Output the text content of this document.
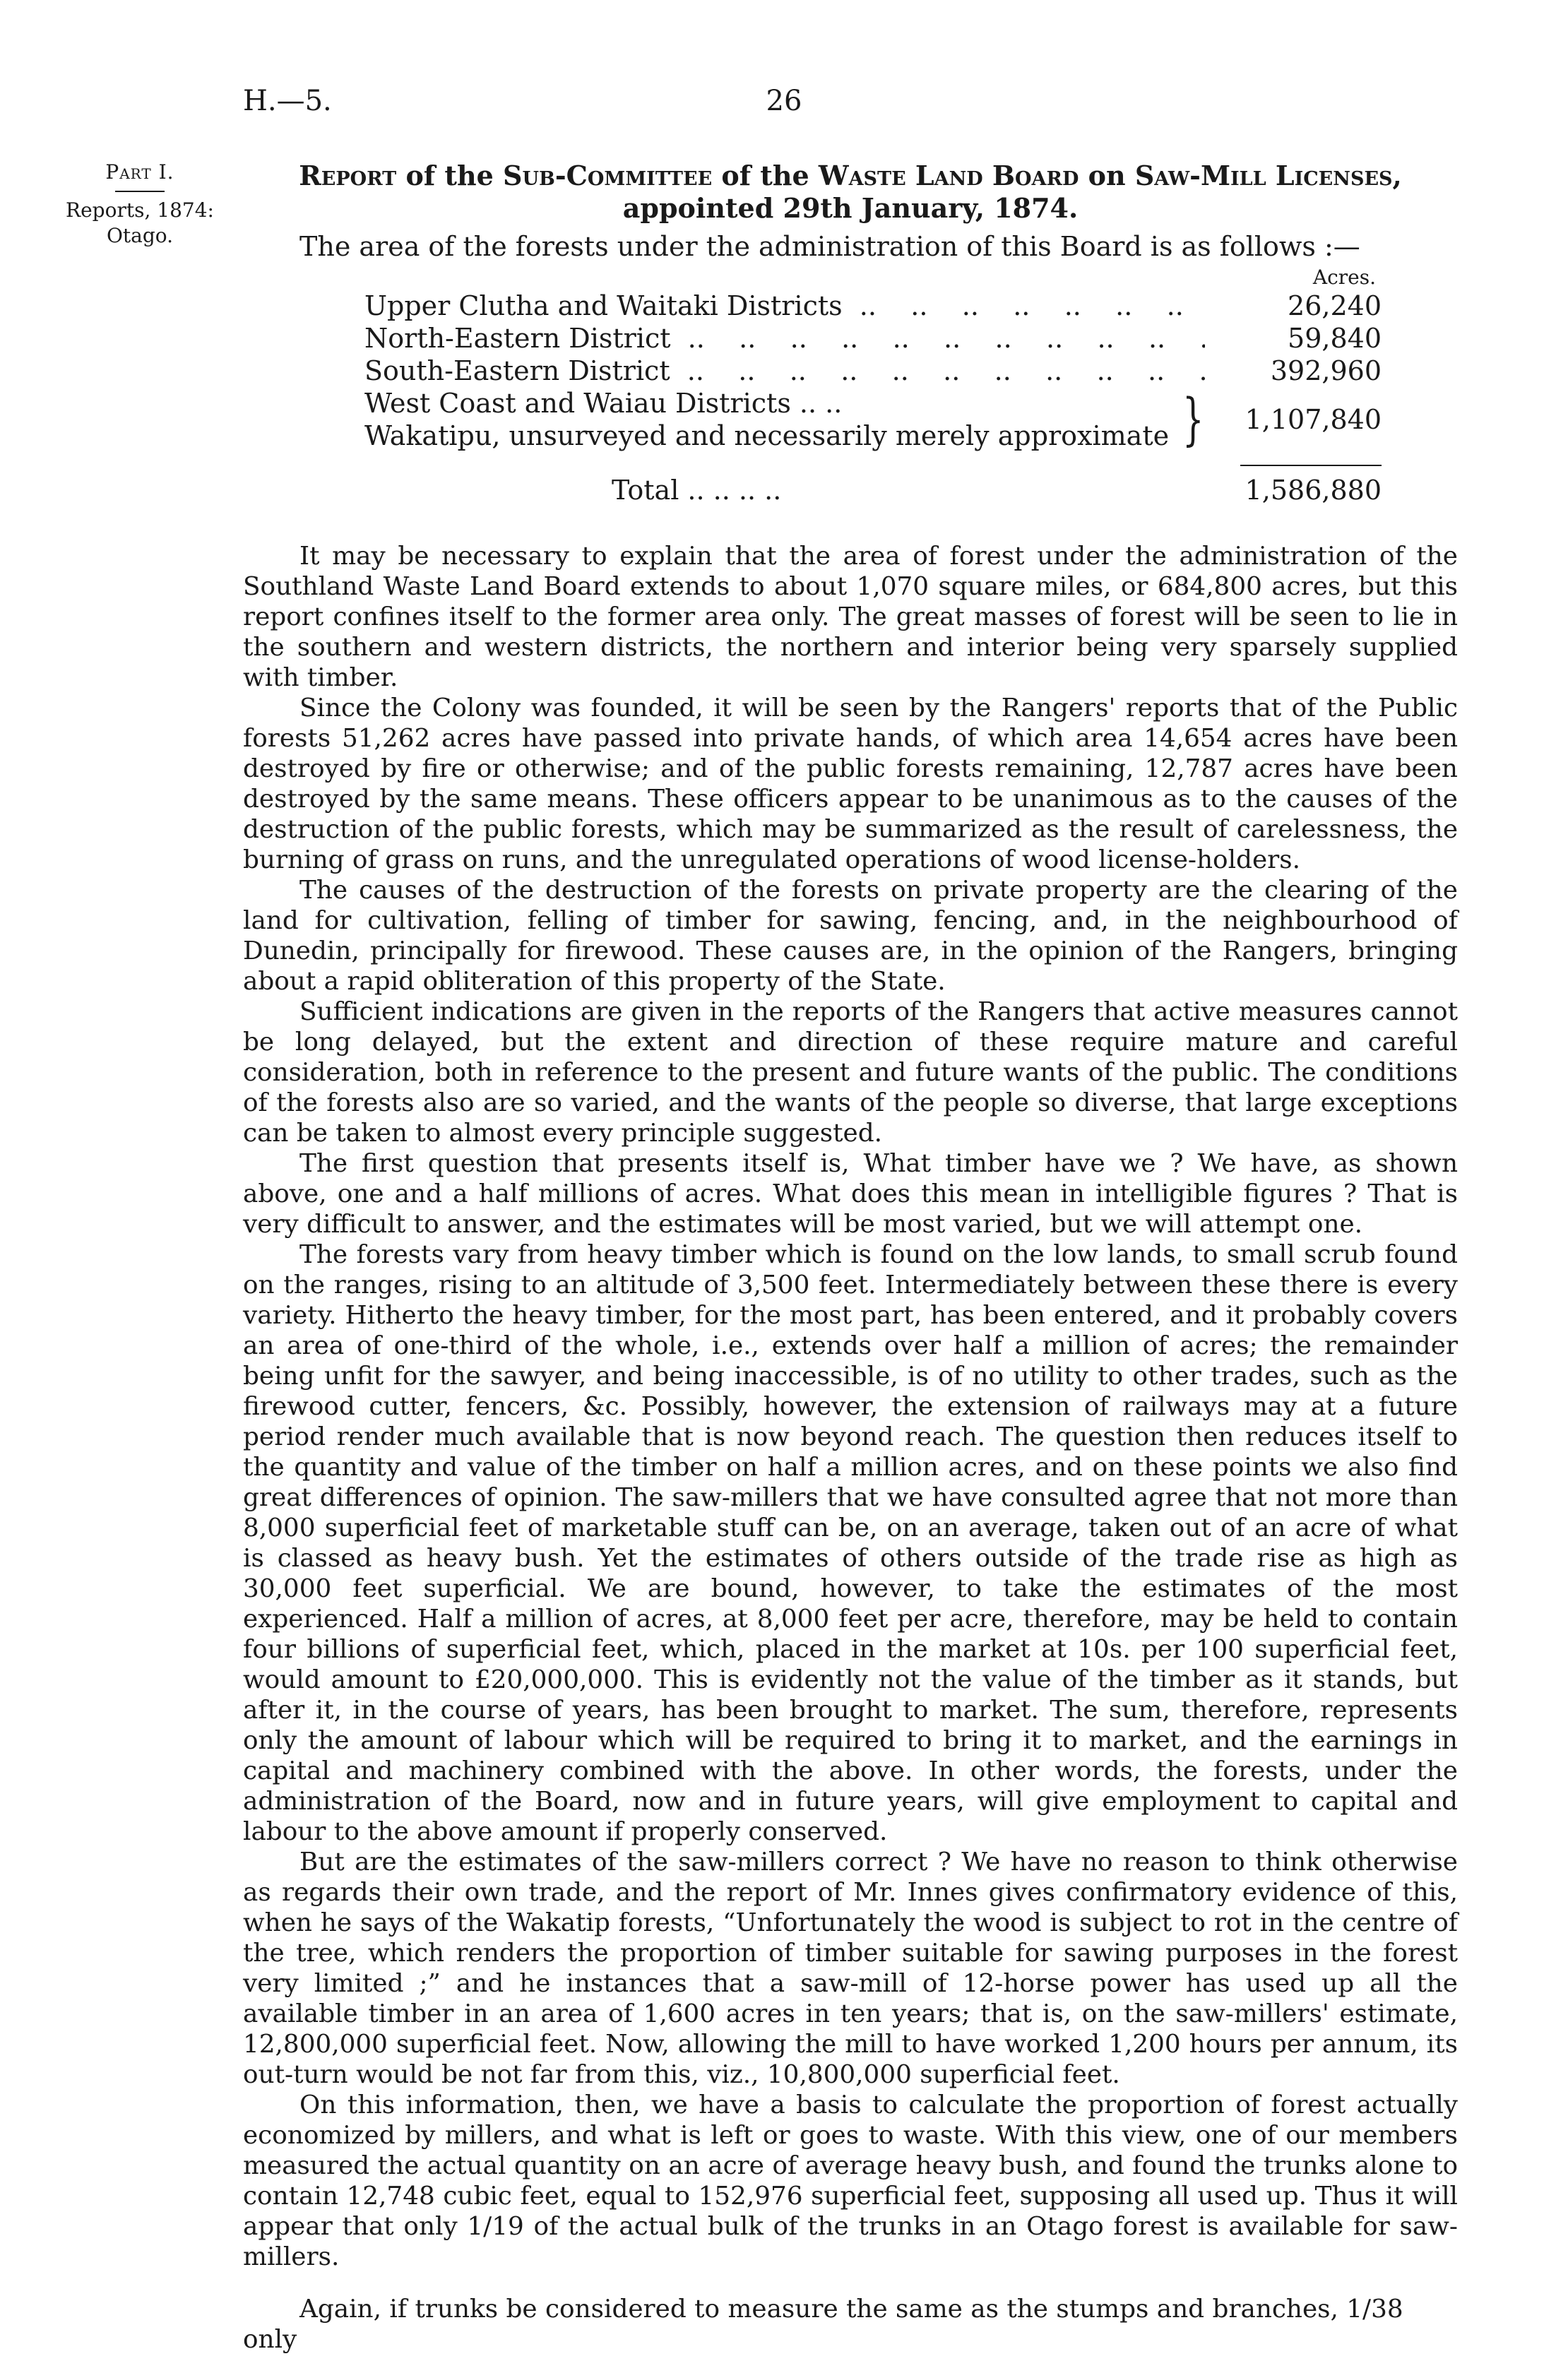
H.—5.	26
Part I.
Reports, 1874:
Otago.
Report of the Sub-Committee of the Waste Land Board on Saw-Mill Licenses, appointed 29th January, 1874.

The area of the forests under the administration of this Board is as follows :—

Acres.
Upper Clutha and Waitaki Districts ..	26,240
North-Eastern District ..	59,840
South-Eastern District ..	392,960
West Coast and Waiau Districts .. ..
Wakatipu, unsurveyed and necessarily merely approximate }	1,107,840
Total .. .. .. ..	1,586,880

It may be necessary to explain that the area of forest under the administration of the Southland Waste Land Board extends to about 1,070 square miles, or 684,800 acres, but this report confines itself to the former area only. The great masses of forest will be seen to lie in the southern and western districts, the northern and interior being very sparsely supplied with timber.

Since the Colony was founded, it will be seen by the Rangers' reports that of the Public forests 51,262 acres have passed into private hands, of which area 14,654 acres have been destroyed by fire or otherwise; and of the public forests remaining, 12,787 acres have been destroyed by the same means. These officers appear to be unanimous as to the causes of the destruction of the public forests, which may be summarized as the result of carelessness, the burning of grass on runs, and the unregulated operations of wood license-holders.

The causes of the destruction of the forests on private property are the clearing of the land for cultivation, felling of timber for sawing, fencing, and, in the neighbourhood of Dunedin, principally for firewood. These causes are, in the opinion of the Rangers, bringing about a rapid obliteration of this property of the State.

Sufficient indications are given in the reports of the Rangers that active measures cannot be long delayed, but the extent and direction of these require mature and careful consideration, both in reference to the present and future wants of the public. The conditions of the forests also are so varied, and the wants of the people so diverse, that large exceptions can be taken to almost every principle suggested.

The first question that presents itself is, What timber have we ? We have, as shown above, one and a half millions of acres. What does this mean in intelligible figures ? That is very difficult to answer, and the estimates will be most varied, but we will attempt one.

The forests vary from heavy timber which is found on the low lands, to small scrub found on the ranges, rising to an altitude of 3,500 feet. Intermediately between these there is every variety. Hitherto the heavy timber, for the most part, has been entered, and it probably covers an area of one-third of the whole, i.e., extends over half a million of acres; the remainder being unfit for the sawyer, and being inaccessible, is of no utility to other trades, such as the firewood cutter, fencers, &c. Possibly, however, the extension of railways may at a future period render much available that is now beyond reach. The question then reduces itself to the quantity and value of the timber on half a million acres, and on these points we also find great differences of opinion. The saw-millers that we have consulted agree that not more than 8,000 superficial feet of marketable stuff can be, on an average, taken out of an acre of what is classed as heavy bush. Yet the estimates of others outside of the trade rise as high as 30,000 feet superficial. We are bound, however, to take the estimates of the most experienced. Half a million of acres, at 8,000 feet per acre, therefore, may be held to contain four billions of superficial feet, which, placed in the market at 10s. per 100 superficial feet, would amount to £20,000,000. This is evidently not the value of the timber as it stands, but after it, in the course of years, has been brought to market. The sum, therefore, represents only the amount of labour which will be required to bring it to market, and the earnings in capital and machinery combined with the above. In other words, the forests, under the administration of the Board, now and in future years, will give employment to capital and labour to the above amount if properly conserved.

But are the estimates of the saw-millers correct ? We have no reason to think otherwise as regards their own trade, and the report of Mr. Innes gives confirmatory evidence of this, when he says of the Wakatip forests, “Unfortunately the wood is subject to rot in the centre of the tree, which renders the proportion of timber suitable for sawing purposes in the forest very limited ;” and he instances that a saw-mill of 12-horse power has used up all the available timber in an area of 1,600 acres in ten years; that is, on the saw-millers' estimate, 12,800,000 superficial feet. Now, allowing the mill to have worked 1,200 hours per annum, its out-turn would be not far from this, viz., 10,800,000 superficial feet.

On this information, then, we have a basis to calculate the proportion of forest actually economized by millers, and what is left or goes to waste. With this view, one of our members measured the actual quantity on an acre of average heavy bush, and found the trunks alone to contain 12,748 cubic feet, equal to 152,976 superficial feet, supposing all used up. Thus it will appear that only 1/19 of the actual bulk of the trunks in an Otago forest is available for saw-millers.

Again, if trunks be considered to measure the same as the stumps and branches, 1/38 only
